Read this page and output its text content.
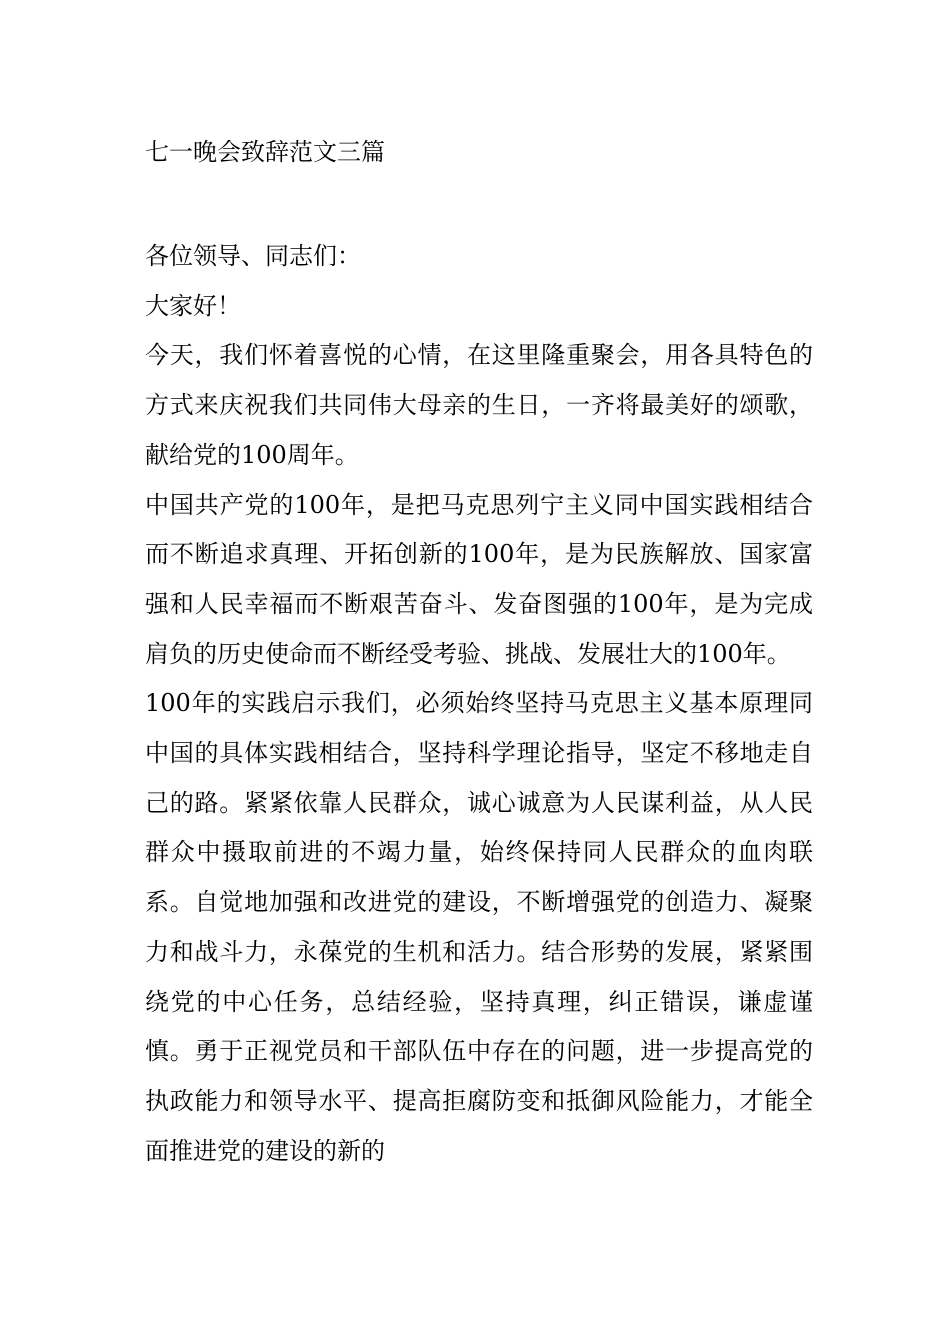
七一晚会致辞范文三篇

各位领导、同志们：

大家好！

今天，我们怀着喜悦的心情，在这里隆重聚会，用各具特色的方式来庆祝我们共同伟大母亲的生日，一齐将最美好的颂歌，献给党的100周年。

中国共产党的100年，是把马克思列宁主义同中国实践相结合而不断追求真理、开拓创新的100年，是为民族解放、国家富强和人民幸福而不断艰苦奋斗、发奋图强的100年，是为完成肩负的历史使命而不断经受考验、挑战、发展壮大的100年。

100年的实践启示我们，必须始终坚持马克思主义基本原理同中国的具体实践相结合，坚持科学理论指导，坚定不移地走自己的路。紧紧依靠人民群众，诚心诚意为人民谋利益，从人民群众中摄取前进的不竭力量，始终保持同人民群众的血肉联系。自觉地加强和改进党的建设，不断增强党的创造力、凝聚力和战斗力，永葆党的生机和活力。结合形势的发展，紧紧围绕党的中心任务，总结经验，坚持真理，纠正错误，谦虚谨慎。勇于正视党员和干部队伍中存在的问题，进一步提高党的执政能力和领导水平、提高拒腐防变和抵御风险能力，才能全面推进党的建设的新的
